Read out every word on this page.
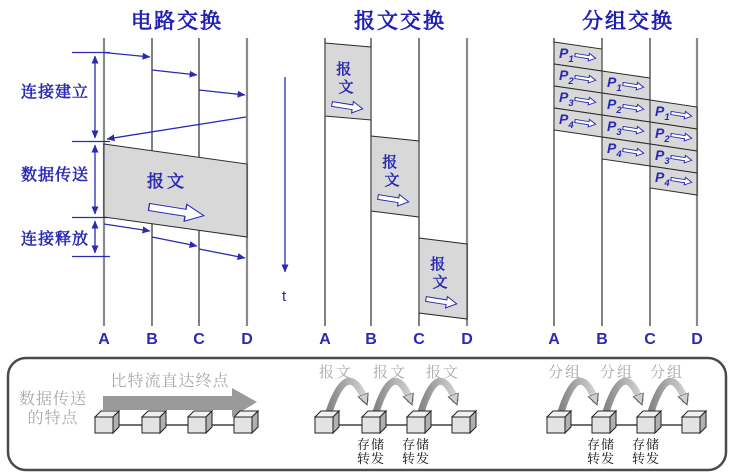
电路交换
连接建立
数据传送
连接释放
报文
A B C D
t
报文交换
报 文
报 文
报 文
A B C D
分组交换
$P_1$
$P_2$
$P_3$
$P_4$
$P_1$
$P_2$
$P_3$
$P_4$
$P_1$
$P_2$
$P_3$
$P_4$
A B C D
数据传送
的特点
比特流直达终点
报文 报文 报文
存储
转发
存储
转发
分组 分组 分组
存储
转发
存储
转发
